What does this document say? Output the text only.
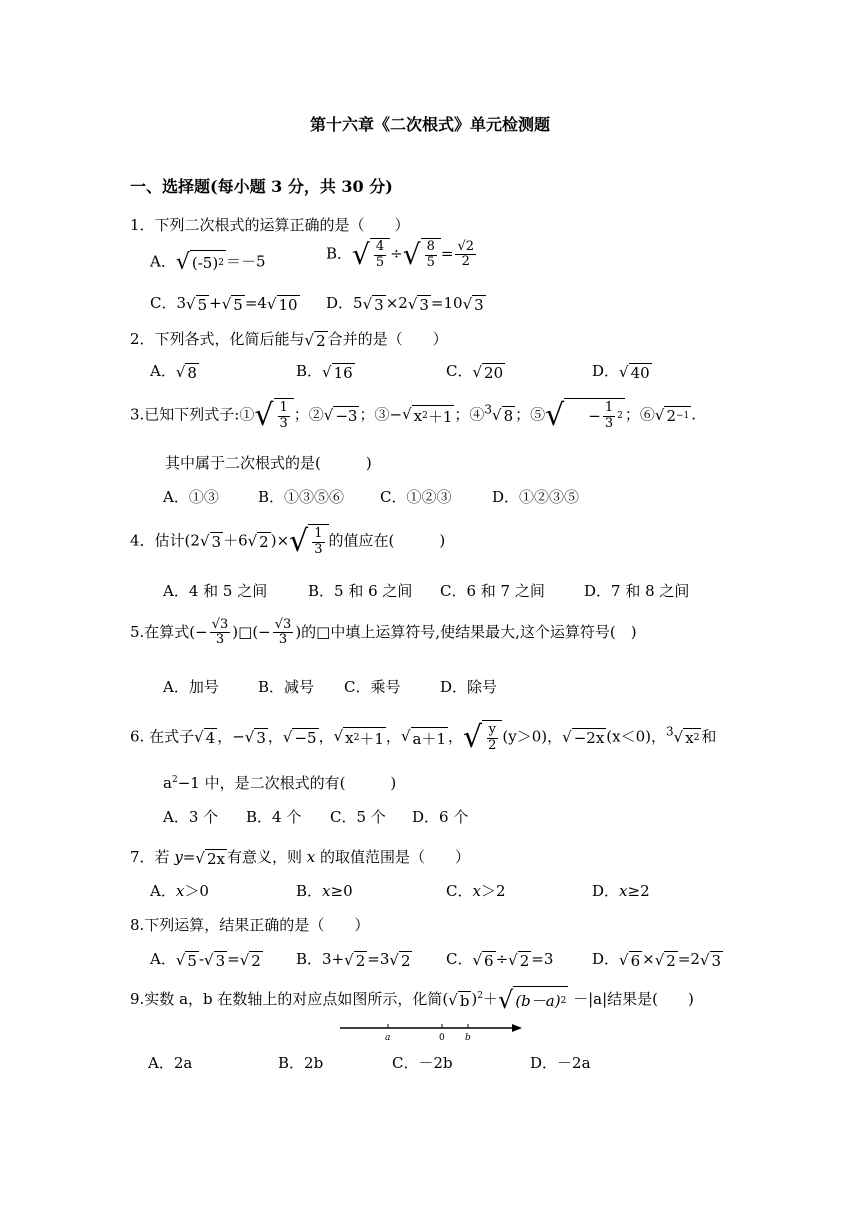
第十六章《二次根式》单元检测题
一、选择题(每小题 3 分，共 30 分)
1．下列二次根式的运算正确的是（　　）
A． √ (-5) 2 ＝－5	B． √ $\frac{4}{5}$ ÷ √ $\frac{8}{5} = \frac{√2}{2}$
C．3 √ 5 + √ 5 =4 √ 10 D．5 √ 3 ×2 √ 3 =10 √ 3
2．下列各式，化简后能与 √ 2 合并的是（　　）
A． √ 8	B． √ 16	C． √ 20	D． √ 40
3.已知下列式子:① √ $\frac{1}{3}$ ；② √ −3 ；③− √ x 2 ＋1 ；④$^3$ √ 8 ；⑤ √	− $\frac{1}{3} 2$ ；⑥ √ 2 −1 .
其中属于二次根式的是(　　　)
A．①③	B．①③⑤⑥ C．①②③	D．①②③⑤
4．估计(2 √ 3 ＋6 √ 2 )× √ $\frac{1}{3}$ 的值应在(　　　)
A．4 和 5 之间	B．5 和 6 之间 C．6 和 7 之间	D．7 和 8 之间
5.在算式(− $\frac{√3}{3}$ )□(− $\frac{√3}{3}$ )的□中填上运算符号,使结果最大,这个运算符号(　)
A．加号	B．减号 C．乘号	D．除号
6. 在式子 √ 4 ，− √ 3 ， √ −5 ， √ x 2 ＋1 ， √ a＋1 ， √ $\frac{y}{2} (y>0)$， √ −2x (x＜0)，$^3$ √ x 2 和
$a^2-1$ 中，是二次根式的有(　　　)
A．3 个 B．4 个 C．5 个 D．6 个
7．若 y= √ 2x 有意义，则 x 的取值范围是（　　）
A．x＞0	B．x≥0	C．x＞2	D．x≥2
8.下列运算，结果正确的是（　　）
A． √ 5 - √ 3 = √ 2 B．3+ √ 2 =3 √ 2 C． √ 6 ÷ √ 2 =3	D． √ 6 × √ 2 =2 √ 3
9.实数 a，b 在数轴上的对应点如图所示，化简( √ b )$^2$＋ √ (b－a) 2 －|a|结果是(　　)
a	0 b
A．2a	B．2b	C．－2b	D．－2a
